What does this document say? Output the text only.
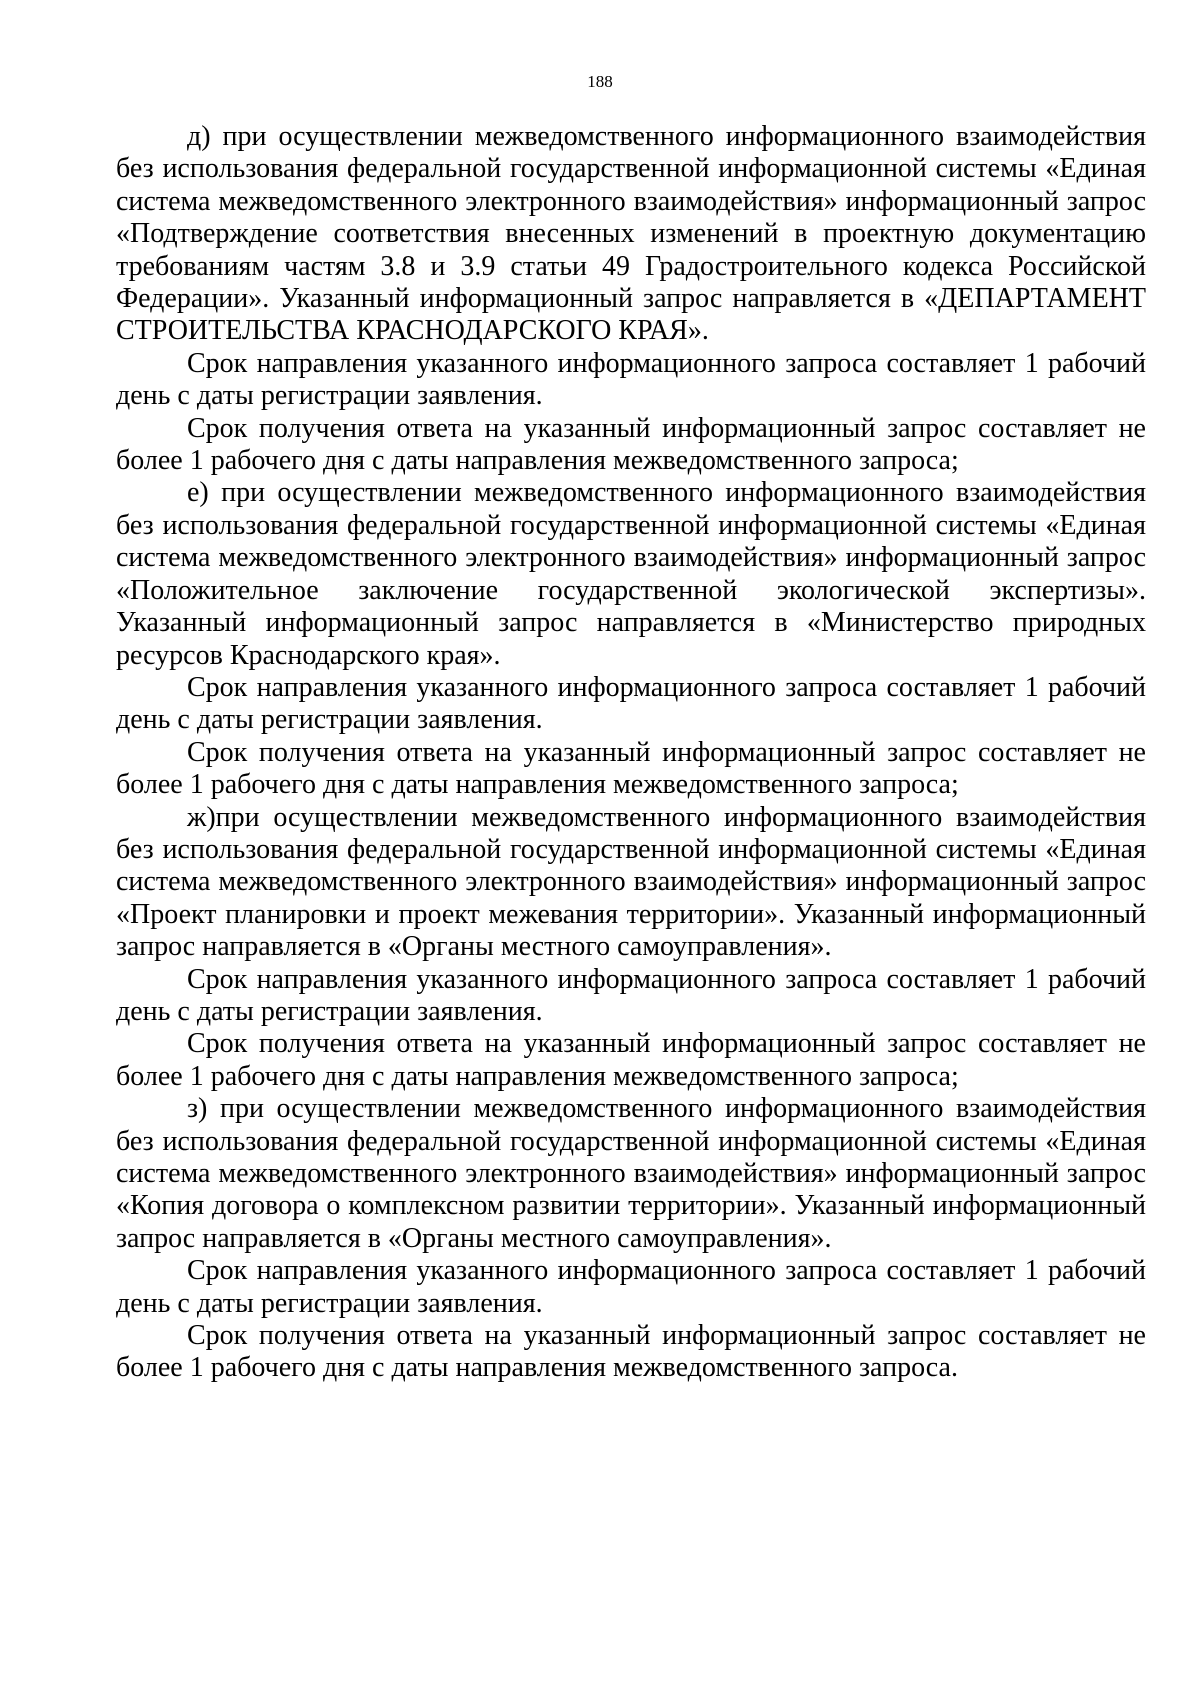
188

д) при осуществлении межведомственного информационного взаимодействия без использования федеральной государственной информационной системы «Единая система межведомственного электронного взаимодействия» информационный запрос «Подтверждение соответствия внесенных изменений в проектную документацию требованиям частям 3.8 и 3.9 статьи 49 Градостроительного кодекса Российской Федерации». Указанный информационный запрос направляется в «ДЕПАРТАМЕНТ СТРОИТЕЛЬСТВА КРАСНОДАРСКОГО КРАЯ».

Срок направления указанного информационного запроса составляет 1 рабочий день с даты регистрации заявления.

Срок получения ответа на указанный информационный запрос составляет не более 1 рабочего дня с даты направления межведомственного запроса;

е) при осуществлении межведомственного информационного взаимодействия без использования федеральной государственной информационной системы «Единая система межведомственного электронного взаимодействия» информационный запрос «Положительное заключение государственной экологической экспертизы». Указанный информационный запрос направляется в «Министерство природных ресурсов Краснодарского края».

Срок направления указанного информационного запроса составляет 1 рабочий день с даты регистрации заявления.

Срок получения ответа на указанный информационный запрос составляет не более 1 рабочего дня с даты направления межведомственного запроса;

ж)при осуществлении межведомственного информационного взаимодействия без использования федеральной государственной информационной системы «Единая система межведомственного электронного взаимодействия» информационный запрос «Проект планировки и проект межевания территории». Указанный информационный запрос направляется в «Органы местного самоуправления».

Срок направления указанного информационного запроса составляет 1 рабочий день с даты регистрации заявления.

Срок получения ответа на указанный информационный запрос составляет не более 1 рабочего дня с даты направления межведомственного запроса;

з) при осуществлении межведомственного информационного взаимодействия без использования федеральной государственной информационной системы «Единая система межведомственного электронного взаимодействия» информационный запрос «Копия договора о комплексном развитии территории». Указанный информационный запрос направляется в «Органы местного самоуправления».

Срок направления указанного информационного запроса составляет 1 рабочий день с даты регистрации заявления.

Срок получения ответа на указанный информационный запрос составляет не более 1 рабочего дня с даты направления межведомственного запроса.
